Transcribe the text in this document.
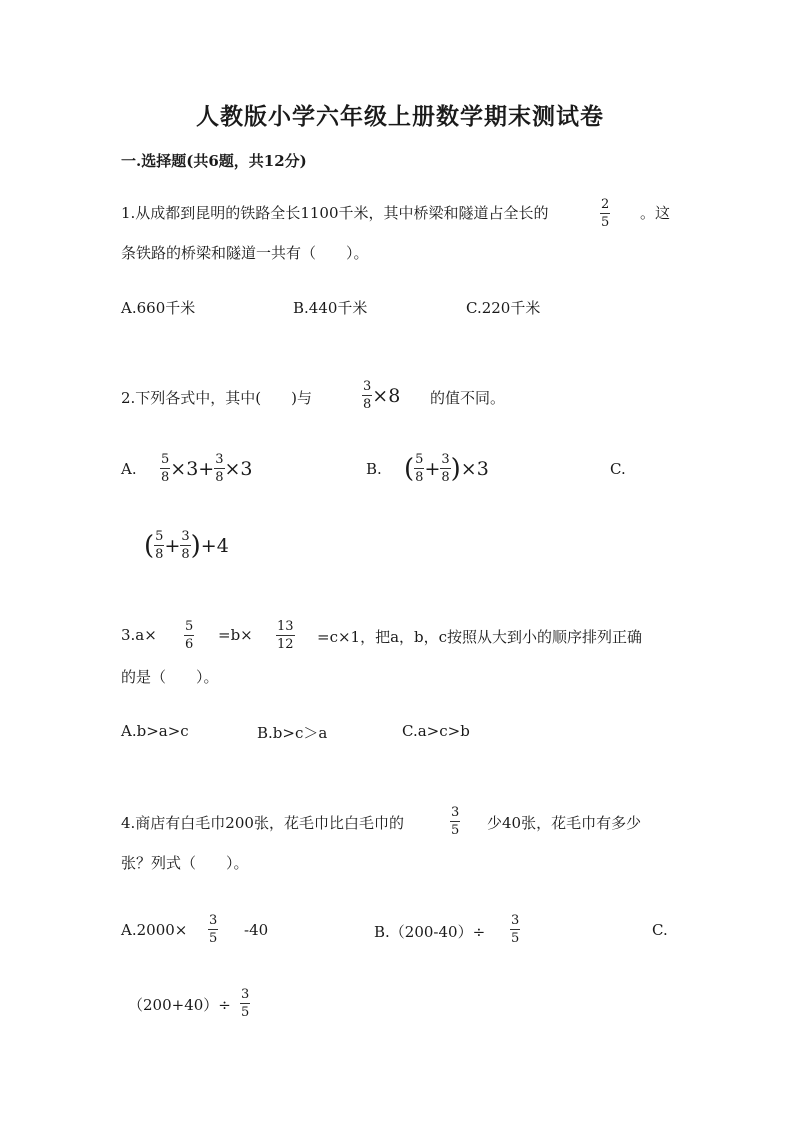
人教版小学六年级上册数学期末测试卷
一.选择题(共6题，共12分)
1.从成都到昆明的铁路全长1100千米，其中桥梁和隧道占全长的	$\frac{2}{5}$ 。这
条铁路的桥梁和隧道一共有（　　）。
A.660千米	B.440千米	C.220千米
2.下列各式中，其中(　　)与	$\frac{3}{8} \times 8$ 的值不同。
A. $\frac{5}{8} \times 3+ \frac{3}{8} \times 3$	B. ( $\frac{5}{8} + \frac{3}{8}$ ) ×3	C.
( $\frac{5}{8} + \frac{3}{8}$ ) +4
$3.a\times \frac{5}{6} =b\times \frac{13}{12} =c\times 1$，把a，b，c按照从大到小的顺序排列正确
的是（　　）。
A.b>a>c	B.b>c＞a	C.a>c>b
4.商店有白毛巾200张，花毛巾比白毛巾的	$\frac{3}{5}$ 少40张，花毛巾有多少
张？列式（　　）。
$A.2000\times \frac{3}{5} -40$	$B.(200-40)\div \frac{3}{5}$	C.
$(200+40)\div \frac{3}{5}$
